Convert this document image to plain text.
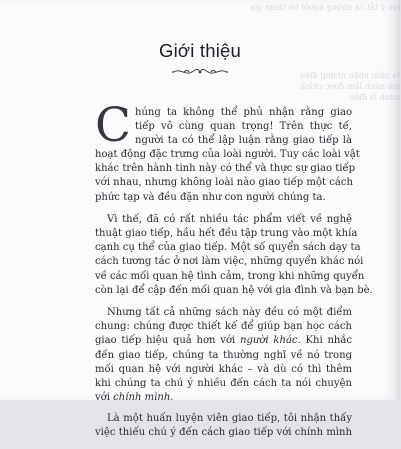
lưu ý tất cả những người tới tham gia
ta nhìn nhận những điều mà mình làm được chính mình là điều
Giới thiệu
C húng ta không thể phủ nhận rằng giao
tiếp vô cùng quan trọng! Trên thực tế,
người ta có thể lập luận rằng giao tiếp là
hoạt động đặc trưng của loài người. Tuy các loài vật
khác trên hành tinh này có thể và thực sự giao tiếp
với nhau, nhưng không loài nào giao tiếp một cách
phức tạp và đều đặn như con người chúng ta.
Vì thế, đã có rất nhiều tác phẩm viết về nghệ
thuật giao tiếp, hầu hết đều tập trung vào một khía
cạnh cụ thể của giao tiếp. Một số quyển sách dạy ta
cách tương tác ở nơi làm việc, những quyển khác nói
về các mối quan hệ tình cảm, trong khi những quyển
còn lại để cập đến mối quan hệ với gia đình và bạn bè.
Nhưng tất cả những sách này đều có một điểm
chung: chúng được thiết kế để giúp bạn học cách
giao tiếp hiệu quả hơn với người khác. Khi nhắc
đến giao tiếp, chúng ta thường nghĩ về nó trong
mối quan hệ với người khác – và dù có thì thêm
khi chúng ta chú ý nhiều đến cách ta nói chuyện
với chính mình.
Là một huấn luyện viên giao tiếp, tôi nhận thấy
việc thiếu chú ý đến cách giao tiếp với chính mình
